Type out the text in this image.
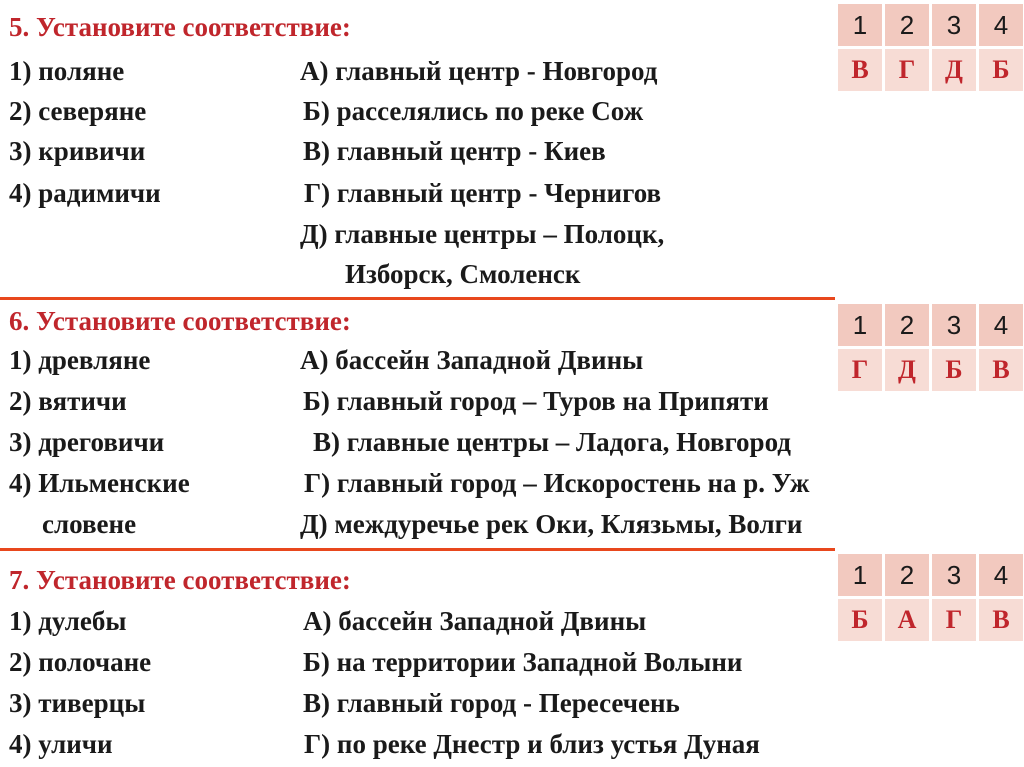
5. Установите соответствие:
1) поляне
2) северяне
3) кривичи
4) радимичи
А) главный центр - Новгород
Б) расселялись по реке Сож
В) главный центр - Киев
Г) главный центр - Чернигов
Д) главные центры – Полоцк,
Изборск, Смоленск
1	2	3	4
В	Г	Д	Б
6. Установите соответствие:
1) древляне
2) вятичи
3) дреговичи
4) Ильменские
словене
А) бассейн Западной Двины
Б) главный город – Туров на Припяти
В) главные центры – Ладога, Новгород
Г) главный город – Искоростень на р. Уж
Д) междуречье рек Оки, Клязьмы, Волги
1	2	3	4
Г	Д	Б	В
7. Установите соответствие:
1) дулебы
2) полочане
3) тиверцы
4) уличи
А) бассейн Западной Двины
Б) на территории Западной Волыни
В) главный город - Пересечень
Г) по реке Днестр и близ устья Дуная
1	2	3	4
Б	А	Г	В
